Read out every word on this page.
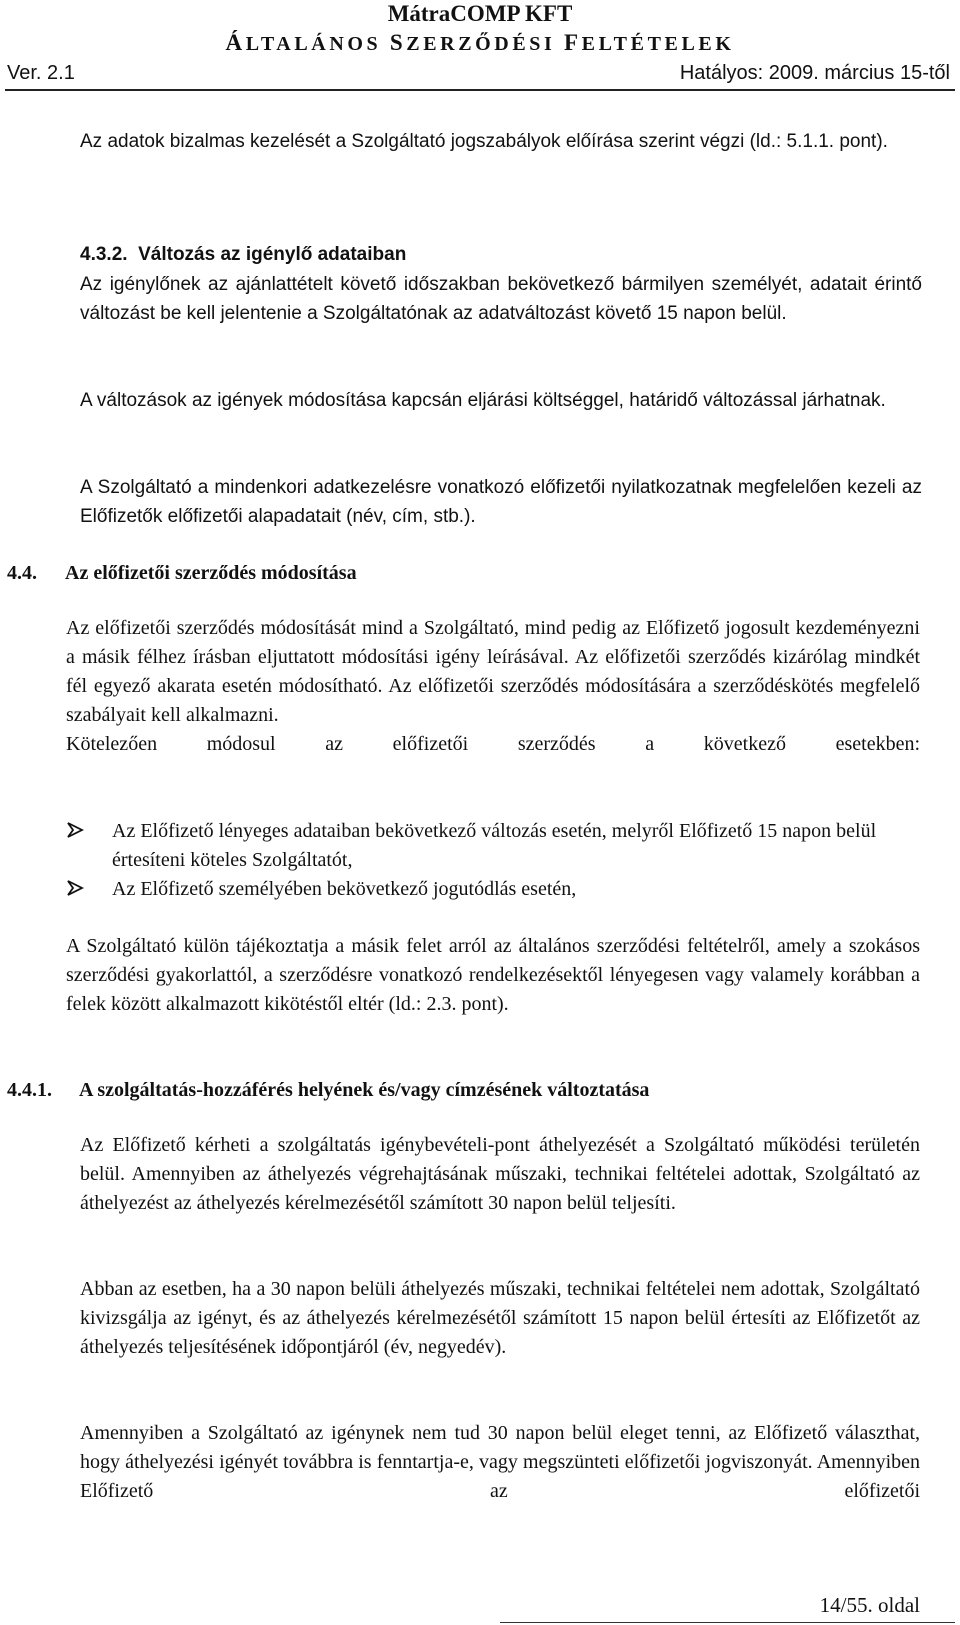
MátraCOMP KFT
ÁLTALÁNOS SZERZŐDÉSI FELTÉTELEK
Ver. 2.1	Hatályos: 2009. március 15-től

Az adatok bizalmas kezelését a Szolgáltató jogszabályok előírása szerint végzi (ld.: 5.1.1. pont).

4.3.2. Változás az igénylő adataiban

Az igénylőnek az ajánlattételt követő időszakban bekövetkező bármilyen személyét, adatait érintő változást be kell jelentenie a Szolgáltatónak az adatváltozást követő 15 napon belül.

A változások az igények módosítása kapcsán eljárási költséggel, határidő változással járhatnak.

A Szolgáltató a mindenkori adatkezelésre vonatkozó előfizetői nyilatkozatnak megfelelően kezeli az Előfizetők előfizetői alapadatait (név, cím, stb.).

4.4. Az előfizetői szerződés módosítása

Az előfizetői szerződés módosítását mind a Szolgáltató, mind pedig az Előfizető jogosult kezdeményezni a másik félhez írásban eljuttatott módosítási igény leírásával. Az előfizetői szerződés kizárólag mindkét fél egyező akarata esetén módosítható. Az előfizetői szerződés módosítására a szerződéskötés megfelelő szabályait kell alkalmazni.

Kötelezően módosul az előfizetői szerződés a következő esetekben:

Az Előfizető lényeges adataiban bekövetkező változás esetén, melyről Előfizető 15 napon belül értesíteni köteles Szolgáltatót,
Az Előfizető személyében bekövetkező jogutódlás esetén,

A Szolgáltató külön tájékoztatja a másik felet arról az általános szerződési feltételről, amely a szokásos szerződési gyakorlattól, a szerződésre vonatkozó rendelkezésektől lényegesen vagy valamely korábban a felek között alkalmazott kikötéstől eltér (ld.: 2.3. pont).

4.4.1. A szolgáltatás-hozzáférés helyének és/vagy címzésének változtatása

Az Előfizető kérheti a szolgáltatás igénybevételi-pont áthelyezését a Szolgáltató működési területén belül. Amennyiben az áthelyezés végrehajtásának műszaki, technikai feltételei adottak, Szolgáltató az áthelyezést az áthelyezés kérelmezésétől számított 30 napon belül teljesíti.

Abban az esetben, ha a 30 napon belüli áthelyezés műszaki, technikai feltételei nem adottak, Szolgáltató kivizsgálja az igényt, és az áthelyezés kérelmezésétől számított 15 napon belül értesíti az Előfizetőt az áthelyezés teljesítésének időpontjáról (év, negyedév).

Amennyiben a Szolgáltató az igénynek nem tud 30 napon belül eleget tenni, az Előfizető választhat, hogy áthelyezési igényét továbbra is fenntartja-e, vagy megszünteti előfizetői jogviszonyát. Amennyiben Előfizető az előfizetői

14/55. oldal
